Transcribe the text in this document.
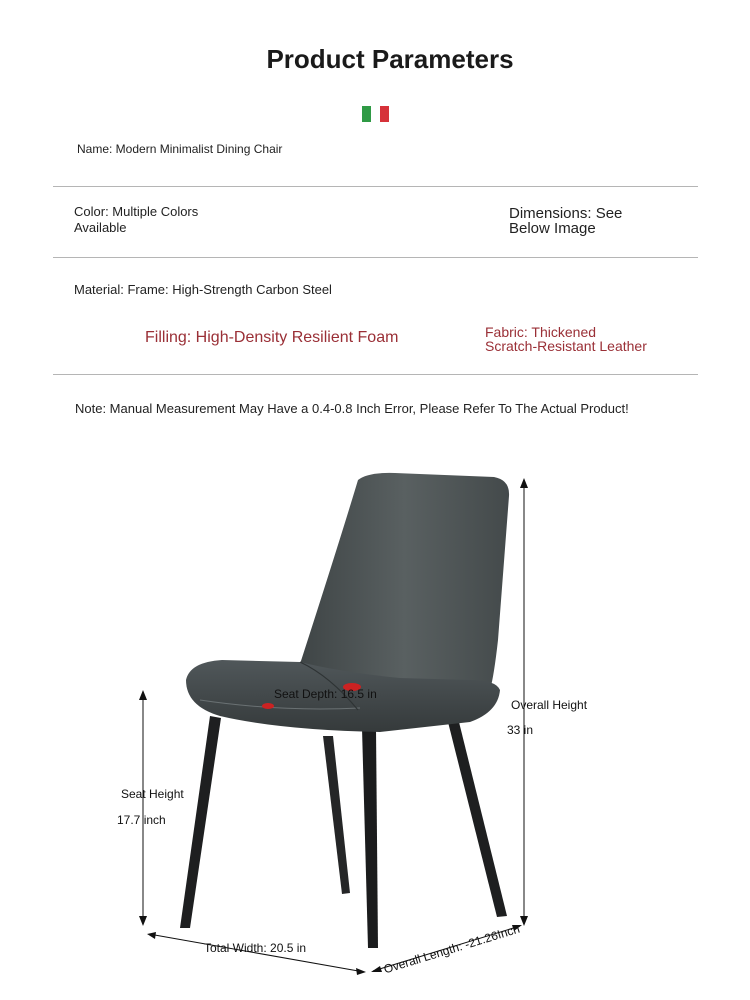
Product Parameters
Name: Modern Minimalist Dining Chair
Color: Multiple Colors
Available
Dimensions: See
Below Image
Material: Frame: High-Strength Carbon Steel
Filling: High-Density Resilient Foam	Fabric: Thickened
Scratch-Resistant Leather
Note: Manual Measurement May Have a 0.4-0.8 Inch Error, Please Refer To The Actual Product!
Seat Depth: 16.5 in
Overall Height
33 in
Seat Height
17.7 inch
Total Width: 20.5 in	Overall Length: -21.26Inch
